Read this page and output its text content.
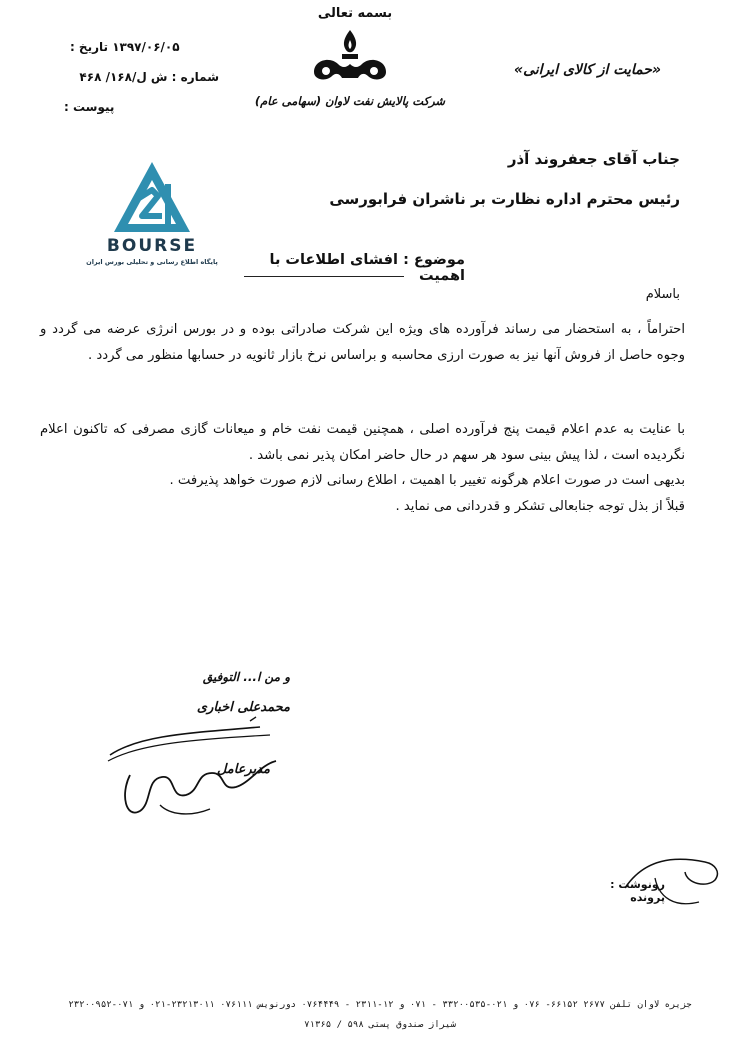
بسمه تعالی
شرکت پالایش نفت لاوان (سهامی عام)
«حمایت از کالای ایرانی»
تاریخ : ۱۳۹۷/۰۶/۰۵
شماره : ش ل/۱۶۸/ ۴۶۸
پیوست :
BOURSE
پایگاه اطلاع رسانی و تحلیلی بورس ایران
جناب آقای جعفروند آذر
رئیس محترم اداره نظارت بر ناشران فرابورسی
موضوع : افشای اطلاعات با اهمیت
باسلام
احتراماً ، به استحضار می رساند فرآورده های ویژه این شرکت صادراتی بوده و در بورس انرژی عرضه می گردد و وجوه حاصل از فروش آنها نیز به صورت ارزی محاسبه و براساس نرخ بازار ثانویه در حسابها منظور می گردد .
با عنایت به عدم اعلام قیمت پنج فرآورده اصلی ، همچنین قیمت نفت خام و میعانات گازی مصرفی که تاکنون اعلام نگردیده است ، لذا پیش بینی سود هر سهم در حال حاضر امکان پذیر نمی باشد .
بدیهی است در صورت اعلام هرگونه تغییر با اهمیت ، اطلاع رسانی لازم صورت خواهد پذیرفت .
قبلاً از بذل توجه جنابعالی تشکر و قدردانی می نماید .
و من ا... التوفیق
محمدعلی اخباری
مدیرعامل
رونوشت : پرونده
جزیره لاوان تلفن ۲۶۷۷ ۶۶۱۵۲- ۰۷۶ و ۰۲۱-۳۳۲۰۰۵۳۵ - ۰۷۱ و ۱۲-۲۳۱۱ - ۰۷۶۴۴۴۹ دورنویس ۰۷۶۱۱۱ ۲۳۲۱۳۰۱۱-۰۲۱ و ۰۷۱-۲۳۲۰۰۹۵۲
شیراز صندوق پستی ۵۹۸ / ۷۱۳۶۵
